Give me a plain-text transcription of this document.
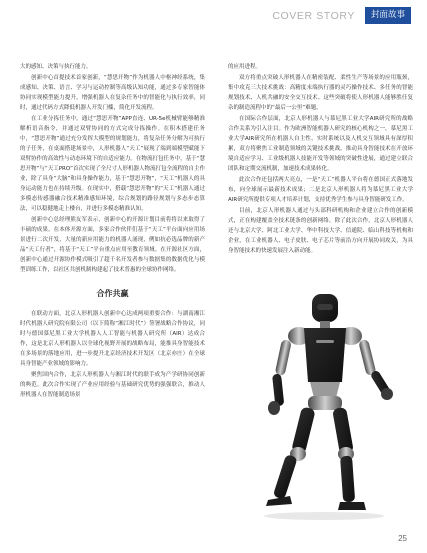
COVER STORY	封面故事

大的感知、决策与执行能力。

创新中心首提技术首家创新，“慧思开物”作为机器人中枢神经系统，集成感知、决策、语言、学习与运动控制等高级认知功能，通过多专家智能体协同实现模型能力提升，增强机器人在复杂任务中的智能化与执行效率，同时，通过代码方式降低机器人开发门槛，简化开发流程。

在工业分拣任务中，通过“慧思开物”APP直连、UR-5e机械臂能够精准解析语音指令，并通过双臂协同的方式完成分拣操作。在积木搭建任务中，“慧思开物”通过充分发挥大模型的规划能力，将复杂任务分解为可执行的子任务，在桌面搭建场景中，人形机器人“天工”展现了端到端模型赋能下双臂协作的高效性与动态环境下的自适应能力。在物流打包任务中，基于“慧思开物”与“天工PRO”首次实现了全尺寸人形机器人物流打包全流程的自主作业，除了具身“大脑”和具身操作能力，基于“慧思开物”，“天工”机器人的具身运动能力也在持续升级。在现实中，搭载“慧思开物”的“天工”机器人通过多模态传感器融合技术精准感知环境，综合规划的路径规划与多态步态算法，可以稳健地走上楼台，并进行多模态精准认知。

创新中心总经理熊友军表示，创新中心的开源计划目前将将以来取得了丰硕的成果。在本体开源方面，多家合作伙伴们基于“天工”平台面向应用场景进行二次开发，大量的新应用能力的机器人涌现，例如抗必选品牌的新产品“天工行者”，将基于“天工”平台重点应用至教育领域。在开源社区方面，创新中心通过开源协作模式吸引了超千名开发者参与数据集的数据优化与模型训练工作，以社区共创机制构建起了技术普惠的全球协作网络。

合作共赢

在联动方面，北京人形机器人创新中心达成两项重要合作：与湖南湘江时代机器人研究院有限公司（以下简称“湘江时代”）签署战略合作协议，同时与德国慕尼黑工业大学机器人人工智能与机器人研究所（AIR）达成合作，这是北京人形机器人以全球化视野开展的战略布局，能推具身智能技术在多场景的落地应用，进一步提升北京经济技术开发区（北京亦庄）在全球具身智能产业领域的影响力。

聚焦国内合作，北京人形机器人与湘江时代的联手成为产学研协同创新的典范。此次合作实现了产业应用经验与基础研究优势的强强联合，推动人形机器人在智能制造场景

的应用进程。

双方将重点突破人形机器人在精密装配、柔性生产等场景的应用瓶颈，集中攻克三大技术挑战：高精度末端执行器的灵巧操作技术、多任务的智能规划技术、人机共融的安全交互技术。这些突破将使人形机器人能够胜任复杂的制造流程中的“最后一公里”难题。

在国际合作层面，北京人形机器人与慕尼黑工业大学AIR研究所的战略合作关系为引入注目。作为欧洲智能机器人研究的核心机构之一，慕尼黑工业大学AIR研究所在机器人自主性、实时系统以及人机交互领域具有深厚积累，双方将聚焦工业制造领域的关键技术挑战，推动具身智能技术在开放环境自适应学习、工业级机器人技能开发等领域的突破性进展，通过建立联合团队和定期交流机制，加速技术成果转化。

此次合作还包括两大亮点，一是“天工”机器人平台将在德国正式落地发布，向全球展示最新技术成果；二是北京人形机器人将为慕尼黑工业大学AIR研究所提供专项人才培养计划，支持优秀学生参与具身智能研发工作。

目前，北京人形机器人通过与头部科研机构和企业建立合作的创新模式，正在构建覆盖全技术链条的创新网络，除了此次合作，北京人形机器人还与北京大学、阿北工业大学、华中科技大学、信通院、临山科技等机构和企业，在工业机器人、电子皮肤、电子芯片等前沿方向开展协同攻关，为具身智能技术的快速发展注入新动能。

25
